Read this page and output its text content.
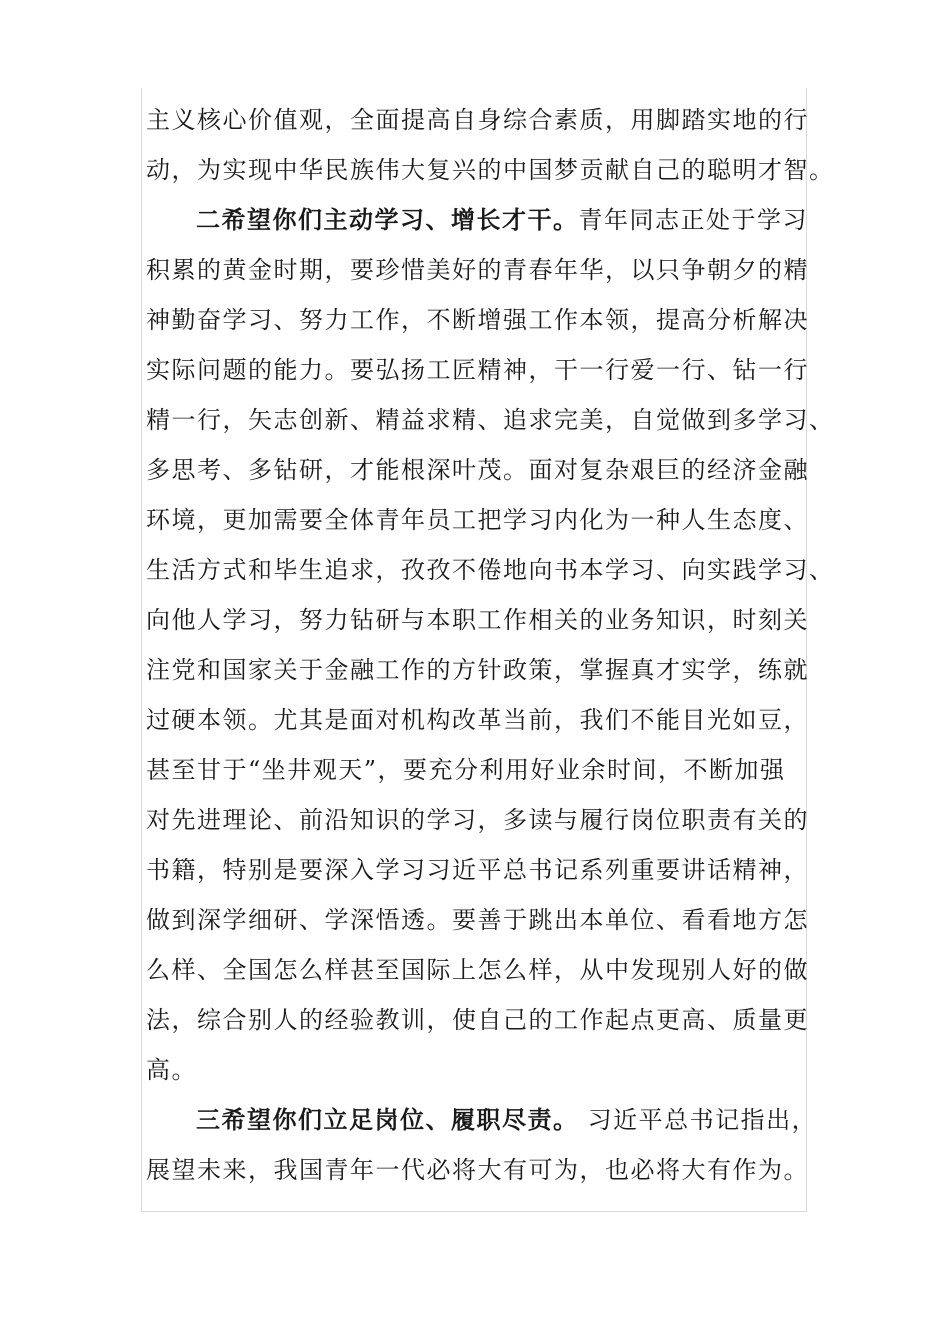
主义核心价值观，全面提高自身综合素质，用脚踏实地的行
动，为实现中华民族伟大复兴的中国梦贡献自己的聪明才智。

二希望你们主动学习、增长才干。青年同志正处于学习
积累的黄金时期，要珍惜美好的青春年华，以只争朝夕的精
神勤奋学习、努力工作，不断增强工作本领，提高分析解决
实际问题的能力。要弘扬工匠精神，干一行爱一行、钻一行
精一行，矢志创新、精益求精、追求完美，自觉做到多学习、
多思考、多钻研，才能根深叶茂。面对复杂艰巨的经济金融
环境，更加需要全体青年员工把学习内化为一种人生态度、
生活方式和毕生追求，孜孜不倦地向书本学习、向实践学习、
向他人学习，努力钻研与本职工作相关的业务知识，时刻关
注党和国家关于金融工作的方针政策，掌握真才实学，练就
过硬本领。尤其是面对机构改革当前，我们不能目光如豆，
甚至甘于“坐井观天”，要充分利用好业余时间，不断加强
对先进理论、前沿知识的学习，多读与履行岗位职责有关的
书籍，特别是要深入学习习近平总书记系列重要讲话精神，
做到深学细研、学深悟透。要善于跳出本单位、看看地方怎
么样、全国怎么样甚至国际上怎么样，从中发现别人好的做
法，综合别人的经验教训，使自己的工作起点更高、质量更
高。

三希望你们立足岗位、履职尽责。 习近平总书记指出，
展望未来，我国青年一代必将大有可为，也必将大有作为。
